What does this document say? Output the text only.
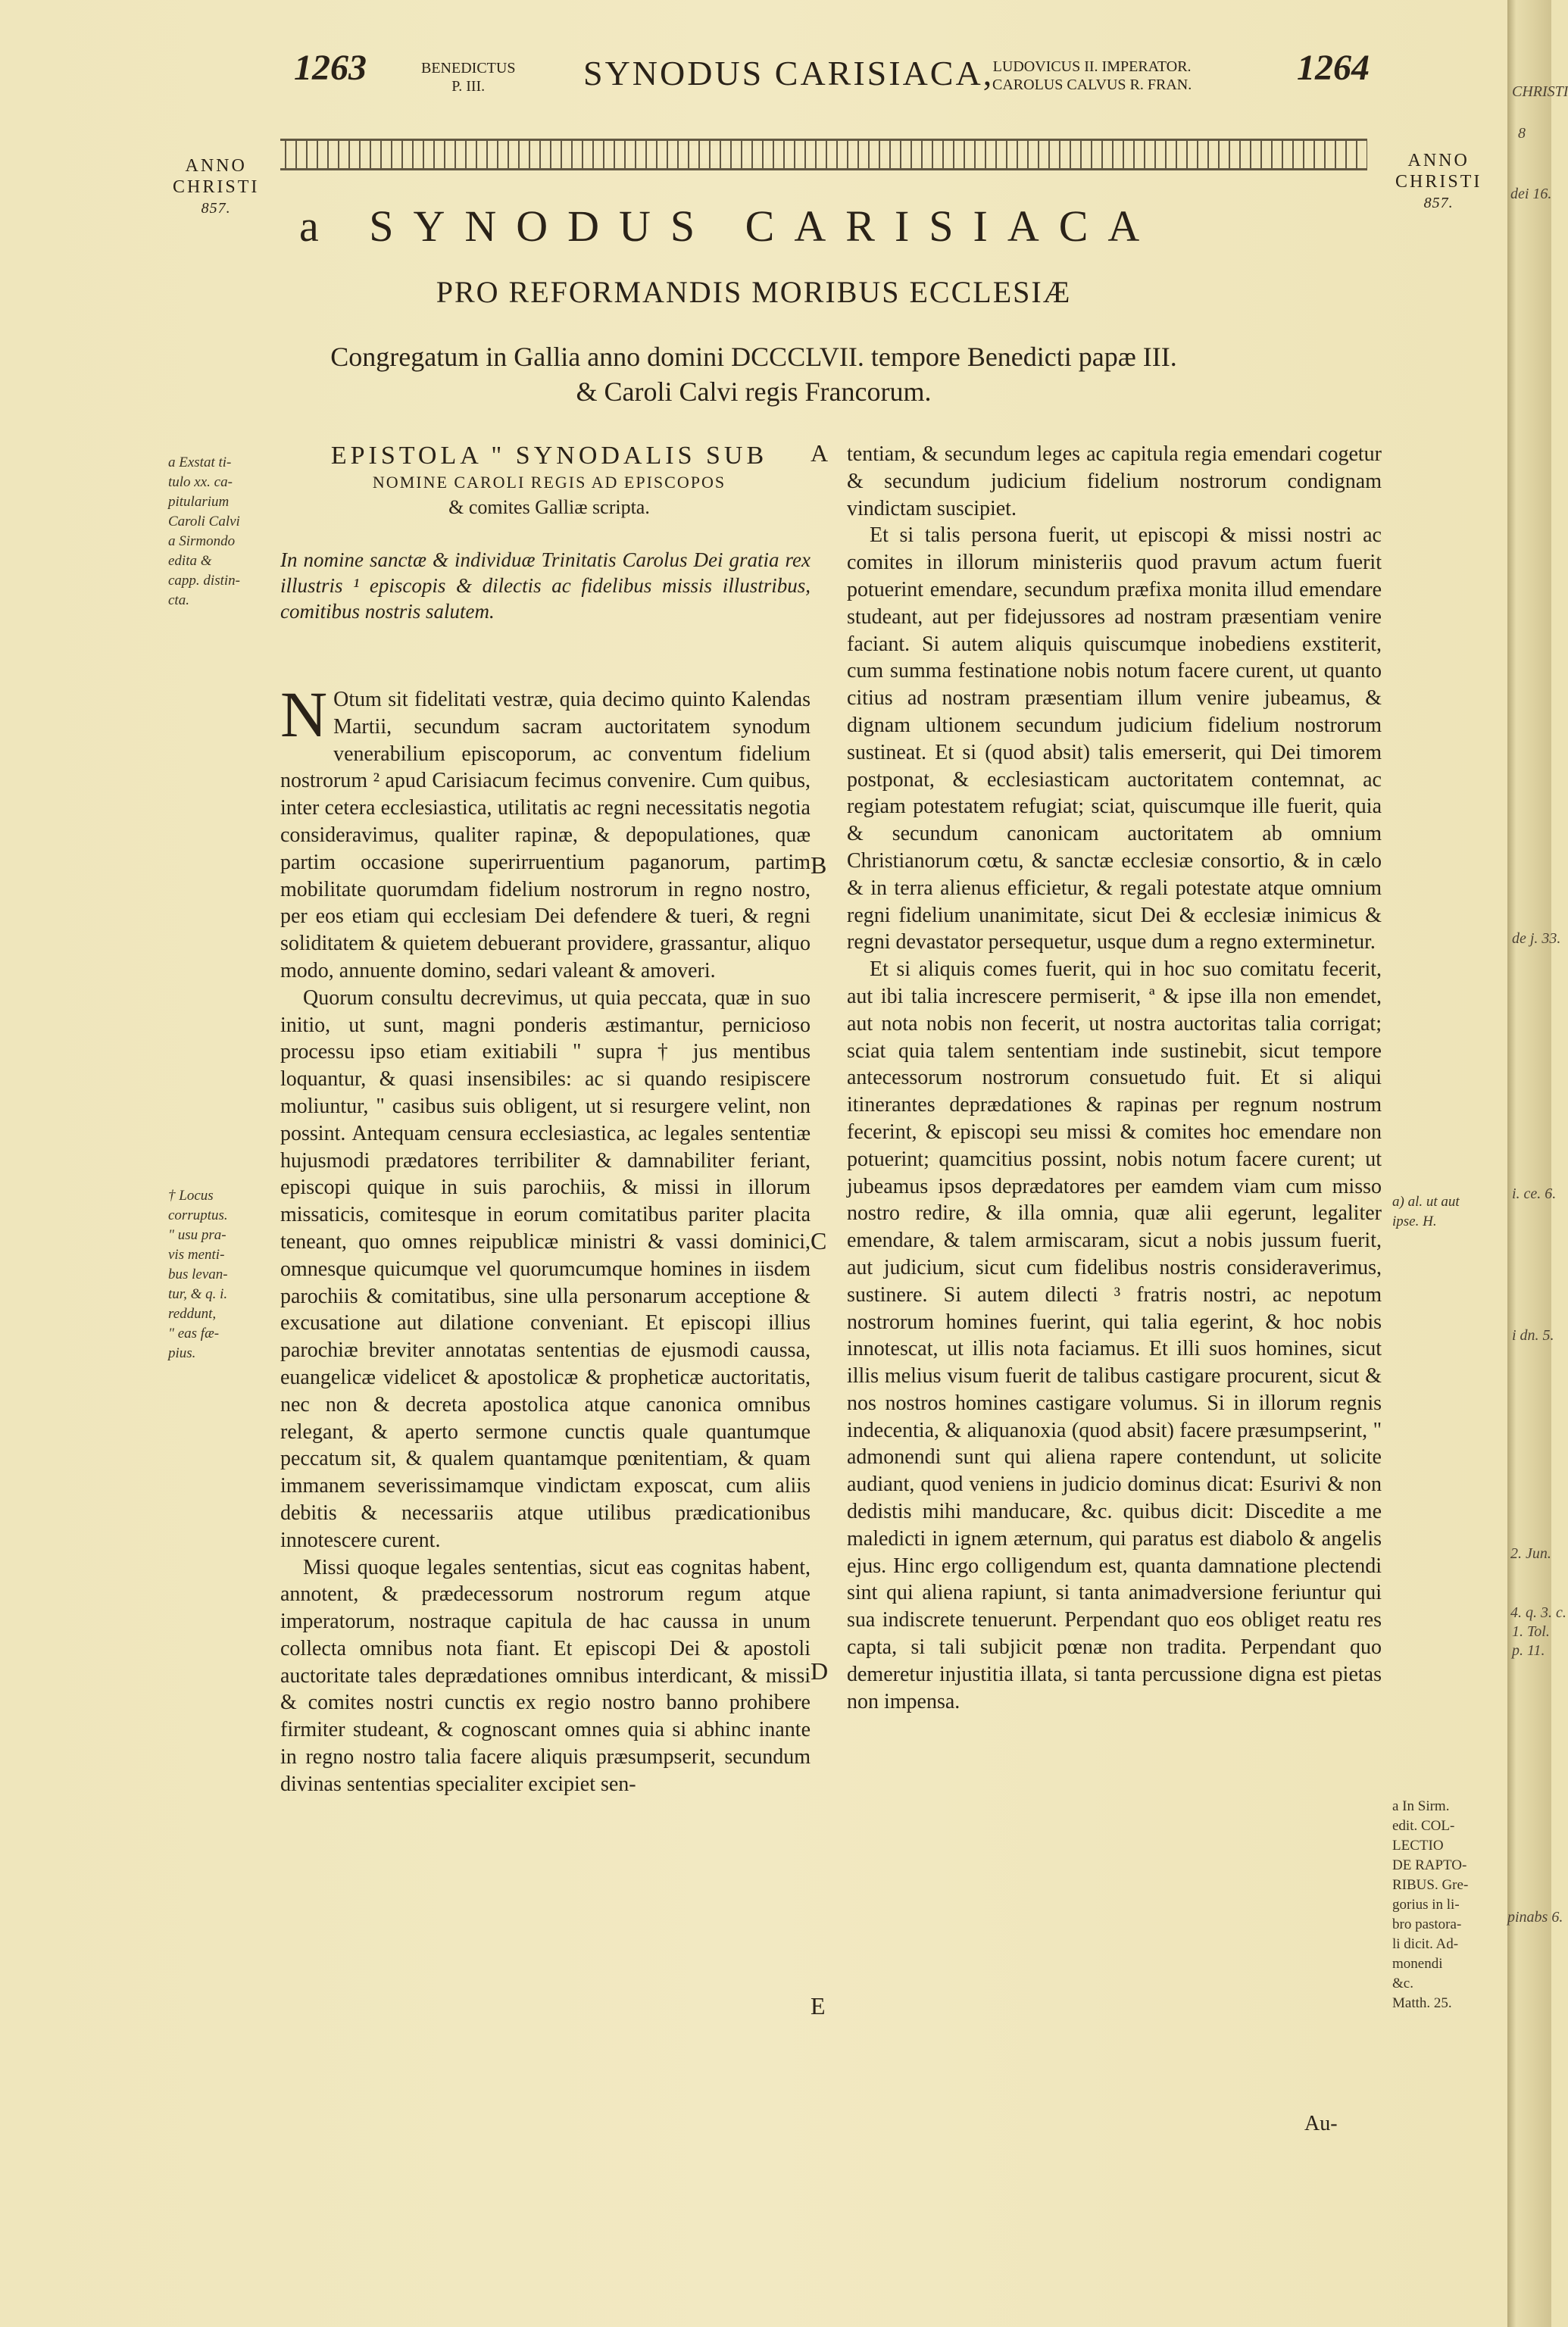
CHRISTI
8
dei 16.
de j. 33.
i. ce. 6.
i dn. 5.
2. Jun.
4. q. 3. c.
1. Tol.
p. 11.
pinabs 6.
1263	BENEDICTUS
P. III.	SYNODUS CARISIACA,
LUDOVICUS II. IMPERATOR.
CAROLUS CALVUS R. FRAN.	1264
ANNO
CHRISTI
857.
ANNO
CHRISTI
857.
a SYNODUS CARISIACA
PRO REFORMANDIS MORIBUS ECCLESIÆ
Congregatum in Gallia anno domini DCCCLVII. tempore Benedicti papæ III.
& Caroli Calvi regis Francorum.
a Exstat ti-
tulo xx. ca-
pitularium
Caroli Calvi
a Sirmondo
edita &
capp. distin-
cta.
† Locus
corruptus.
" usu pra-
vis menti-
bus levan-
tur, & q. i.
reddunt,
" eas fæ-
pius.
A
B
C
D
E
EPISTOLA " SYNODALIS SUB
NOMINE CAROLI REGIS AD EPISCOPOS
& comites Galliæ scripta.
In nomine sanctæ & individuæ Trinitatis Carolus Dei gratia rex illustris ¹ episcopis & dilectis ac fidelibus missis illustribus, comitibus nostris salutem.

N Otum sit fidelitati vestræ, quia decimo quinto Kalendas Martii, secundum sacram auctoritatem synodum venerabilium episcoporum, ac conventum fidelium nostrorum ² apud Carisiacum fecimus convenire. Cum quibus, inter cetera ecclesiastica, utilitatis ac regni necessitatis negotia consideravimus, qualiter rapinæ, & depopulationes, quæ partim occasione superirruentium paganorum, partim mobilitate quorumdam fidelium nostrorum in regno nostro, per eos etiam qui ecclesiam Dei defendere & tueri, & regni soliditatem & quietem debuerant providere, grassantur, aliquo modo, annuente domino, sedari valeant & amoveri.

Quorum consultu decrevimus, ut quia peccata, quæ in suo initio, ut sunt, magni ponderis æstimantur, pernicioso processu ipso etiam exitiabili " supra † jus mentibus loquantur, & quasi insensibiles: ac si quando resipiscere moliuntur, " casibus suis obligent, ut si resurgere velint, non possint. Antequam censura ecclesiastica, ac legales sententiæ hujusmodi prædatores terribiliter & damnabiliter feriant, episcopi quique in suis parochiis, & missi in illorum missaticis, comitesque in eorum comitatibus pariter placita teneant, quo omnes reipublicæ ministri & vassi dominici, omnesque quicumque vel quorumcumque homines in iisdem parochiis & comitatibus, sine ulla personarum acceptione & excusatione aut dilatione conveniant. Et episcopi illius parochiæ breviter annotatas sententias de ejusmodi caussa, euangelicæ videlicet & apostolicæ & propheticæ auctoritatis, nec non & decreta apostolica atque canonica omnibus relegant, & aperto sermone cunctis quale quantumque peccatum sit, & qualem quantamque pœnitentiam, & quam immanem severissimamque vindictam exposcat, cum aliis debitis & necessariis atque utilibus prædicationibus innotescere curent.

Missi quoque legales sententias, sicut eas cognitas habent, annotent, & prædecessorum nostrorum regum atque imperatorum, nostraque capitula de hac caussa in unum collecta omnibus nota fiant. Et episcopi Dei & apostoli auctoritate tales deprædationes omnibus interdicant, & missi & comites nostri cunctis ex regio nostro banno prohibere firmiter studeant, & cognoscant omnes quia si abhinc inante in regno nostro talia facere aliquis præsumpserit, secundum divinas sententias specialiter excipiet sen-

tentiam, & secundum leges ac capitula regia emendari cogetur & secundum judicium fidelium nostrorum condignam vindictam suscipiet.

Et si talis persona fuerit, ut episcopi & missi nostri ac comites in illorum ministeriis quod pravum actum fuerit potuerint emendare, secundum præfixa monita illud emendare studeant, aut per fidejussores ad nostram præsentiam venire faciant. Si autem aliquis quiscumque inobediens exstiterit, cum summa festinatione nobis notum facere curent, ut quanto citius ad nostram præsentiam illum venire jubeamus, & dignam ultionem secundum judicium fidelium nostrorum sustineat. Et si (quod absit) talis emerserit, qui Dei timorem postponat, & ecclesiasticam auctoritatem contemnat, ac regiam potestatem refugiat; sciat, quiscumque ille fuerit, quia & secundum canonicam auctoritatem ab omnium Christianorum cœtu, & sanctæ ecclesiæ consortio, & in cælo & in terra alienus efficietur, & regali potestate atque omnium regni fidelium unanimitate, sicut Dei & ecclesiæ inimicus & regni devastator persequetur, usque dum a regno exterminetur.

Et si aliquis comes fuerit, qui in hoc suo comitatu fecerit, aut ibi talia increscere permiserit, ª & ipse illa non emendet, aut nota nobis non fecerit, ut nostra auctoritas talia corrigat; sciat quia talem sententiam inde sustinebit, sicut tempore antecessorum nostrorum consuetudo fuit. Et si aliqui itinerantes deprædationes & rapinas per regnum nostrum fecerint, & episcopi seu missi & comites hoc emendare non potuerint; quamcitius possint, nobis notum facere curent; ut jubeamus ipsos deprædatores per eamdem viam cum misso nostro redire, & illa omnia, quæ alii egerunt, legaliter emendare, & talem armiscaram, sicut a nobis jussum fuerit, aut judicium, sicut cum fidelibus nostris consideraverimus, sustinere. Si autem dilecti ³ fratris nostri, ac nepotum nostrorum homines fuerint, qui talia egerint, & hoc nobis innotescat, ut illis nota faciamus. Et illi suos homines, sicut illis melius visum fuerit de talibus castigare procurent, sicut & nos nostros homines castigare volumus. Si in illorum regnis indecentia, & aliquanoxia (quod absit) facere præsumpserint, " admonendi sunt qui aliena rapere contendunt, ut solicite audiant, quod veniens in judicio dominus dicat: Esurivi & non dedistis mihi manducare, &c. quibus dicit: Discedite a me maledicti in ignem æternum, qui paratus est diabolo & angelis ejus. Hinc ergo colligendum est, quanta damnatione plectendi sint qui aliena rapiunt, si tanta animadversione feriuntur qui sua indiscrete tenuerunt. Perpendant quo eos obliget reatu res capta, si tali subjicit pœnæ non tradita. Perpendant quo demeretur injustitia illata, si tanta percussione digna est pietas non impensa.

a) al. ut aut
ipse. H.
a In Sirm.
edit. COL-
LECTIO
DE RAPTO-
RIBUS. Gre-
gorius in li-
bro pastora-
li dicit. Ad-
monendi
&c.
Matth. 25.
Au-
